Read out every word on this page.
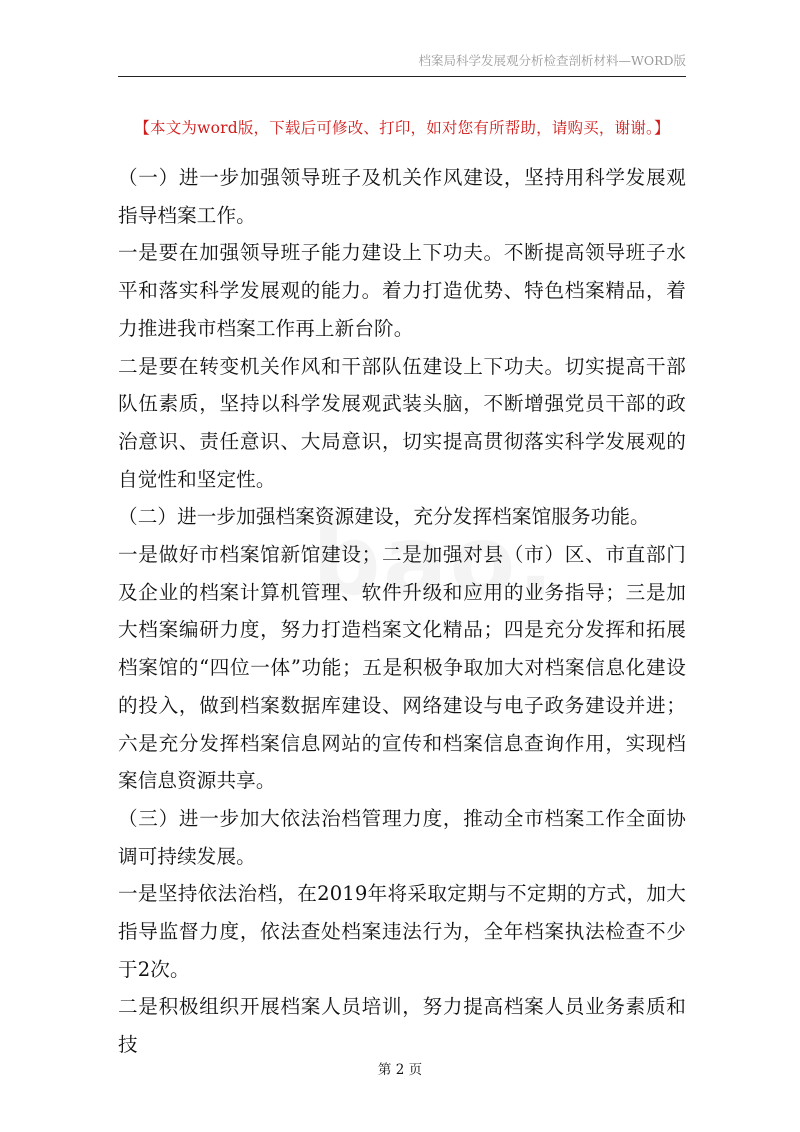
档案局科学发展观分析检查剖析材料—WORD版
【本文为word版，下载后可修改、打印，如对您有所帮助，请购买，谢谢。】

（一）进一步加强领导班子及机关作风建设，坚持用科学发展观指导档案工作。

一是要在加强领导班子能力建设上下功夫。不断提高领导班子水平和落实科学发展观的能力。着力打造优势、特色档案精品，着力推进我市档案工作再上新台阶。

二是要在转变机关作风和干部队伍建设上下功夫。切实提高干部队伍素质，坚持以科学发展观武装头脑，不断增强党员干部的政治意识、责任意识、大局意识，切实提高贯彻落实科学发展观的自觉性和坚定性。

（二）进一步加强档案资源建设，充分发挥档案馆服务功能。

一是做好市档案馆新馆建设；二是加强对县（市）区、市直部门及企业的档案计算机管理、软件升级和应用的业务指导；三是加大档案编研力度，努力打造档案文化精品；四是充分发挥和拓展档案馆的“四位一体”功能；五是积极争取加大对档案信息化建设的投入，做到档案数据库建设、网络建设与电子政务建设并进；六是充分发挥档案信息网站的宣传和档案信息查询作用，实现档案信息资源共享。

（三）进一步加大依法治档管理力度，推动全市档案工作全面协调可持续发展。

一是坚持依法治档，在2019年将采取定期与不定期的方式，加大指导监督力度，依法查处档案违法行为，全年档案执法检查不少于2次。

二是积极组织开展档案人员培训，努力提高档案人员业务素质和技

第 2 页
